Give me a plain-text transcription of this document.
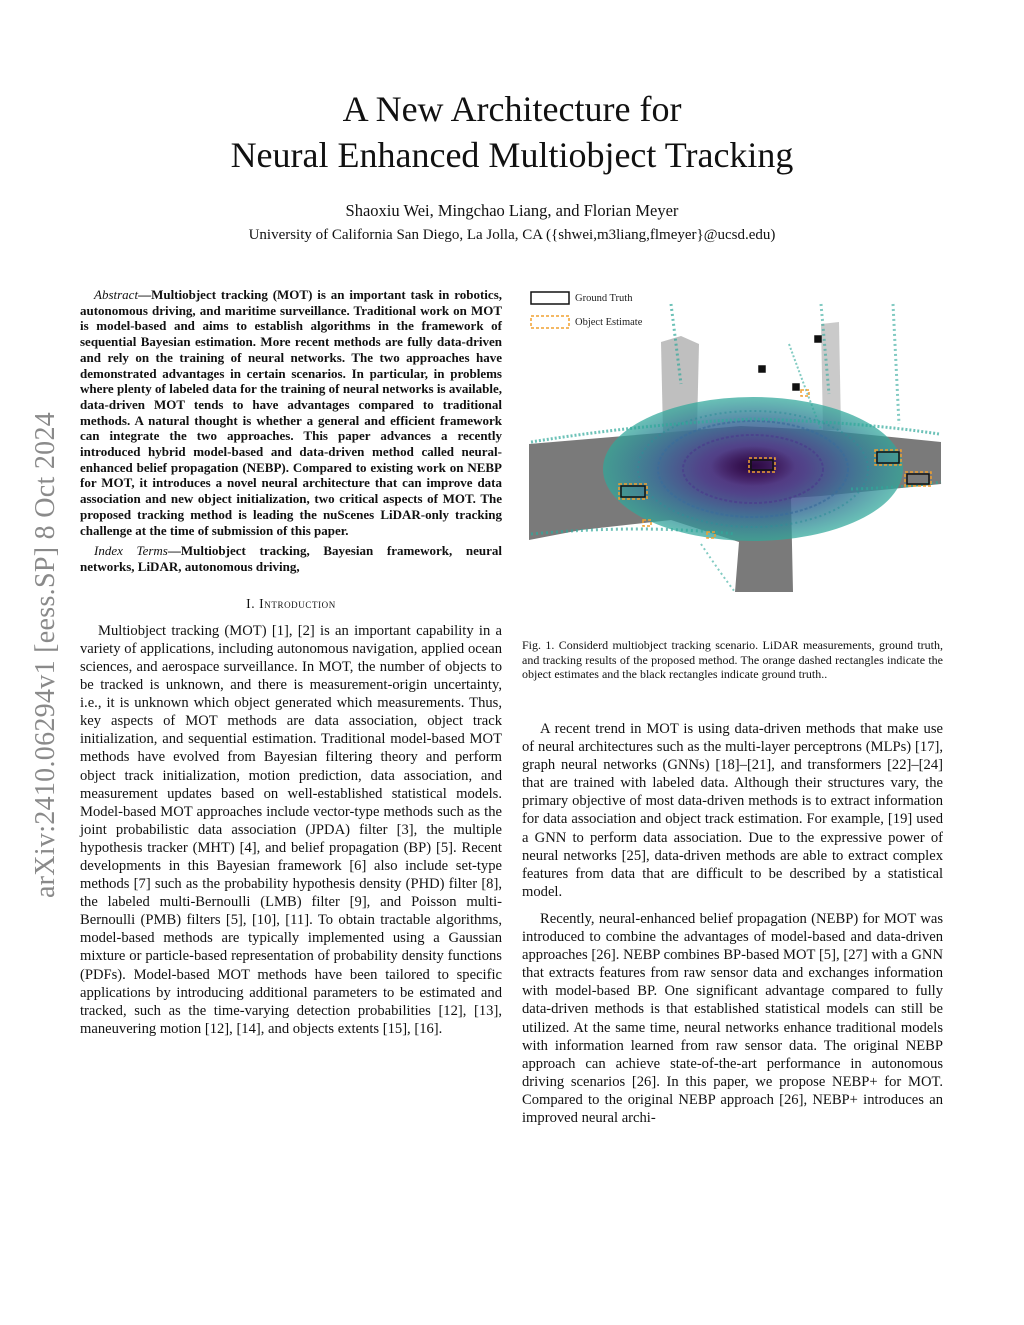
arXiv:2410.06294v1 [eess.SP] 8 Oct 2024
A New Architecture for
Neural Enhanced Multiobject Tracking
Shaoxiu Wei, Mingchao Liang, and Florian Meyer
University of California San Diego, La Jolla, CA ({shwei,m3liang,flmeyer}@ucsd.edu)

Abstract—Multiobject tracking (MOT) is an important task in robotics, autonomous driving, and maritime surveillance. Traditional work on MOT is model-based and aims to establish algorithms in the framework of sequential Bayesian estimation. More recent methods are fully data-driven and rely on the training of neural networks. The two approaches have demonstrated advantages in certain scenarios. In particular, in problems where plenty of labeled data for the training of neural networks is available, data-driven MOT tends to have advantages compared to traditional methods. A natural thought is whether a general and efficient framework can integrate the two approaches. This paper advances a recently introduced hybrid model-based and data-driven method called neural-enhanced belief propagation (NEBP). Compared to existing work on NEBP for MOT, it introduces a novel neural architecture that can improve data association and new object initialization, two critical aspects of MOT. The proposed tracking method is leading the nuScenes LiDAR-only tracking challenge at the time of submission of this paper.

Index Terms—Multiobject tracking, Bayesian framework, neural networks, LiDAR, autonomous driving,

I. Introduction

Multiobject tracking (MOT) [1], [2] is an important capability in a variety of applications, including autonomous navigation, applied ocean sciences, and aerospace surveillance. In MOT, the number of objects to be tracked is unknown, and there is measurement-origin uncertainty, i.e., it is unknown which object generated which measurements. Thus, key aspects of MOT methods are data association, object track initialization, and sequential estimation. Traditional model-based MOT methods have evolved from Bayesian filtering theory and perform object track initialization, motion prediction, data association, and measurement updates based on well-established statistical models. Model-based MOT approaches include vector-type methods such as the joint probabilistic data association (JPDA) filter [3], the multiple hypothesis tracker (MHT) [4], and belief propagation (BP) [5]. Recent developments in this Bayesian framework [6] also include set-type methods [7] such as the probability hypothesis density (PHD) filter [8], the labeled multi-Bernoulli (LMB) filter [9], and Poisson multi-Bernoulli (PMB) filters [5], [10], [11]. To obtain tractable algorithms, model-based methods are typically implemented using a Gaussian mixture or particle-based representation of probability density functions (PDFs). Model-based MOT methods have been tailored to specific applications by introducing additional parameters to be estimated and tracked, such as the time-varying detection probabilities [12], [13], maneuvering motion [12], [14], and objects extents [15], [16].

Ground Truth
Object Estimate
Fig. 1. Considerd multiobject tracking scenario. LiDAR measurements, ground truth, and tracking results of the proposed method. The orange dashed rectangles indicate the object estimates and the black rectangles indicate ground truth..

A recent trend in MOT is using data-driven methods that make use of neural architectures such as the multi-layer perceptrons (MLPs) [17], graph neural networks (GNNs) [18]–[21], and transformers [22]–[24] that are trained with labeled data. Although their structures vary, the primary objective of most data-driven methods is to extract information for data association and object track estimation. For example, [19] used a GNN to perform data association. Due to the expressive power of neural networks [25], data-driven methods are able to extract complex features from data that are difficult to be described by a statistical model.

Recently, neural-enhanced belief propagation (NEBP) for MOT was introduced to combine the advantages of model-based and data-driven approaches [26]. NEBP combines BP-based MOT [5], [27] with a GNN that extracts features from raw sensor data and exchanges information with model-based BP. One significant advantage compared to fully data-driven methods is that established statistical models can still be utilized. At the same time, neural networks enhance traditional models with information learned from raw sensor data. The original NEBP approach can achieve state-of-the-art performance in autonomous driving scenarios [26]. In this paper, we propose NEBP+ for MOT. Compared to the original NEBP approach [26], NEBP+ introduces an improved neural archi-
